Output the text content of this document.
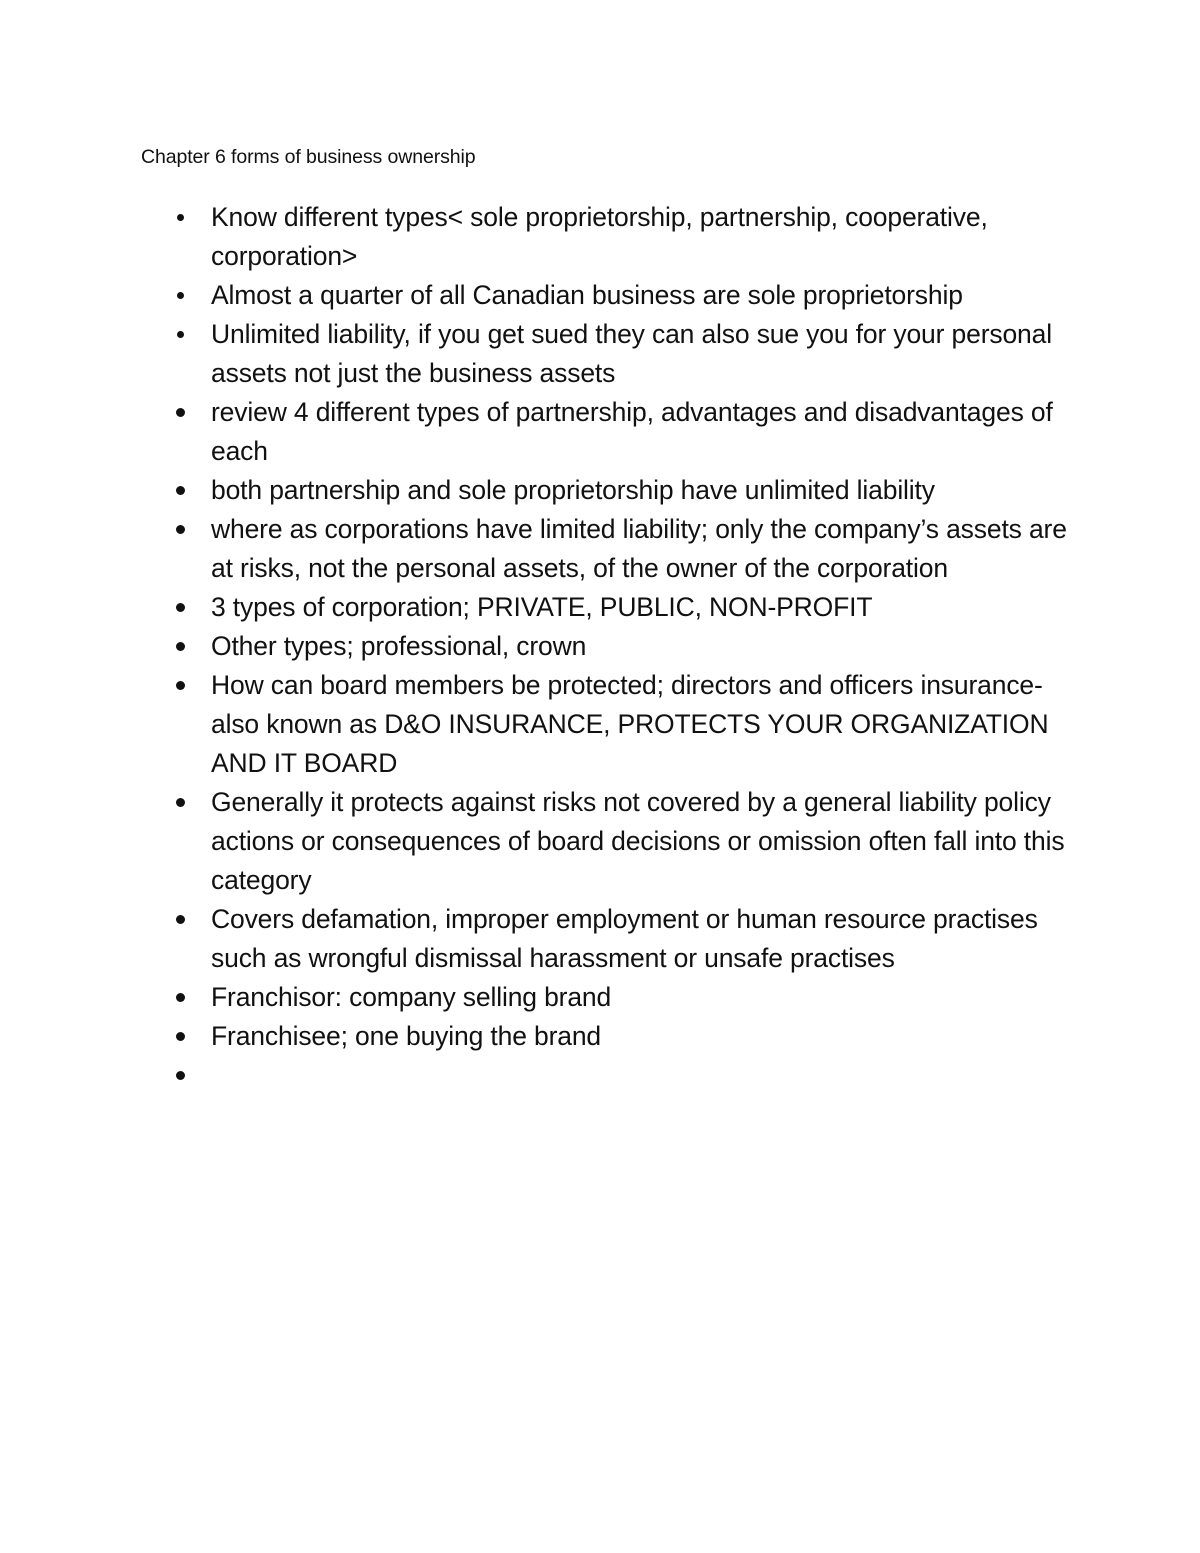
Chapter 6 forms of business ownership
Know different types< sole proprietorship, partnership, cooperative, corporation>
Almost a quarter of all Canadian business are sole proprietorship
Unlimited liability, if you get sued they can also sue you for your personal assets not just the business assets
review 4 different types of partnership, advantages and disadvantages of each
both partnership and sole proprietorship have unlimited liability
where as corporations have limited liability; only the company’s assets are at risks, not the personal assets, of the owner of the corporation
3 types of corporation; PRIVATE, PUBLIC, NON-PROFIT
Other types; professional, crown
How can board members be protected; directors and officers insurance- also known as D&O INSURANCE, PROTECTS YOUR ORGANIZATION AND IT BOARD
Generally it protects against risks not covered by a general liability policy actions or consequences of board decisions or omission often fall into this category
Covers defamation, improper employment or human resource practises such as wrongful dismissal harassment or unsafe practises
Franchisor: company selling brand
Franchisee; one buying the brand
